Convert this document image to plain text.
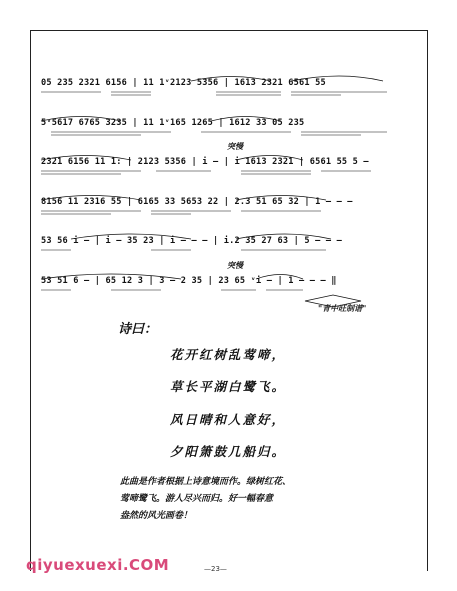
05 235 2321 6156 | 11 1ᵛ2123 5356 | 1613 2321 6561 55
5ᵛ5617 6765 3235 | 11 1ᵛ165 1265 | 1612 33 05 235
突慢
2321 6156 11 1: | 2123 5356 | i – | i 1613 2321 | 6561 55 5 –
8156 11 2316 55 | 6165 33 5653 22 | 2.3 51 65 32 | 1 – – –
53 56 i – | i – 35 23 | i – – – | i.2 35 27 63 | 5 – – –
突慢
53 51 6 – | 65 12 3 | 3 – 2 35 | 23 65 ᵛi – | 1 – – – ‖
"青中旺制谱"
诗曰：
花开红树乱莺啼，
草长平湖白鹭飞。
风日晴和人意好，
夕阳箫鼓几船归。
此曲是作者根据上诗意境而作。绿树红花、
莺啼鹭飞。游人尽兴而归。好一幅春意
盎然的风光画卷！
—23—
qiyuexuexi.COM
